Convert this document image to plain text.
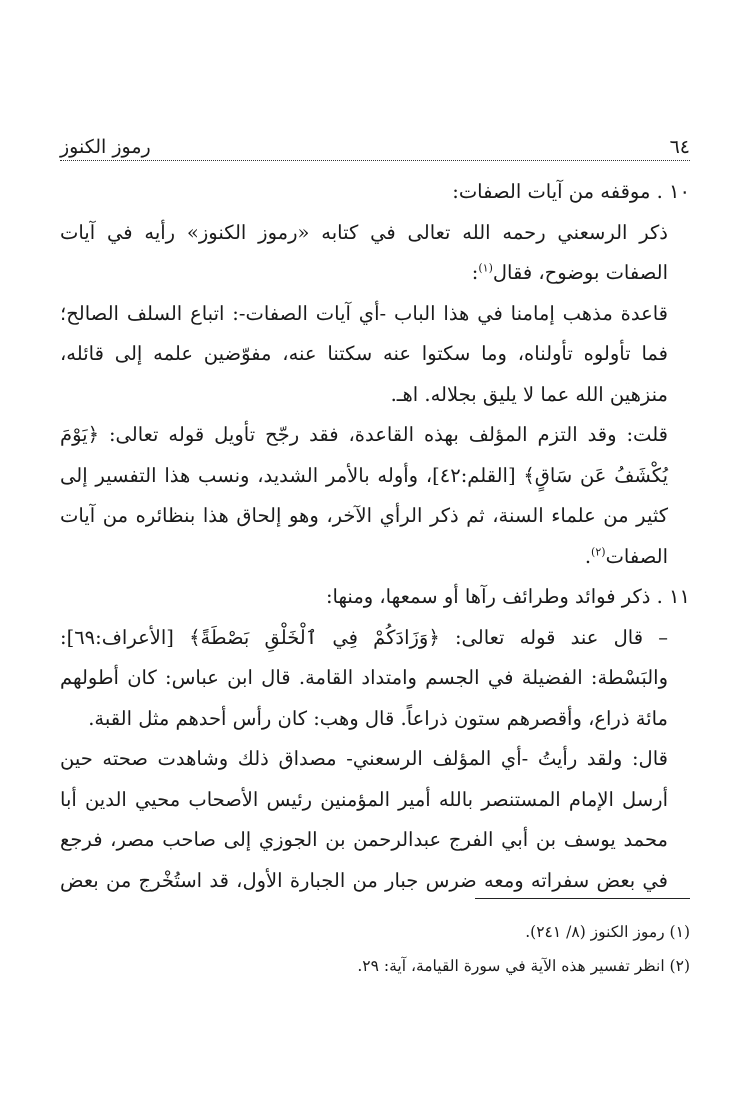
٦٤
رموز الكنوز

١٠ . موقفه من آيات الصفات:

ذكر الرسعني رحمه الله تعالى في كتابه «رموز الكنوز» رأيه في آيات الصفات بوضوح، فقال$^{(١)}$:

قاعدة مذهب إمامنا في هذا الباب -أي آيات الصفات-: اتباع السلف الصالح؛ فما تأولوه تأولناه، وما سكتوا عنه سكتنا عنه، مفوّضين علمه إلى قائله، منزهين الله عما لا يليق بجلاله. اهـ.

قلت: وقد التزم المؤلف بهذه القاعدة، فقد رجّح تأويل قوله تعالى: ﴿يَوْمَ يُكْشَفُ عَن سَاقٍ﴾ [القلم:٤٢]، وأوله بالأمر الشديد، ونسب هذا التفسير إلى كثير من علماء السنة، ثم ذكر الرأي الآخر، وهو إلحاق هذا بنظائره من آيات الصفات$^{(٢)}$.

١١ . ذكر فوائد وطرائف رآها أو سمعها، ومنها:

– قال عند قوله تعالى: ﴿وَزَادَكُمْ فِي ٱلْخَلْقِ بَصْطَةً﴾ [الأعراف:٦٩]: والبَسْطة: الفضيلة في الجسم وامتداد القامة. قال ابن عباس: كان أطولهم مائة ذراع، وأقصرهم ستون ذراعاً. قال وهب: كان رأس أحدهم مثل القبة.

قال: ولقد رأيتُ -أي المؤلف الرسعني- مصداق ذلك وشاهدت صحته حين أرسل الإمام المستنصر بالله أمير المؤمنين رئيس الأصحاب محيي الدين أبا محمد يوسف بن أبي الفرج عبدالرحمن بن الجوزي إلى صاحب مصر، فرجع في بعض سفراته ومعه ضرس جبار من الجبارة الأول، قد استُخْرج من بعض

(١) رموز الكنوز (٨/ ٢٤١).

(٢) انظر تفسير هذه الآية في سورة القيامة، آية: ٢٩.
